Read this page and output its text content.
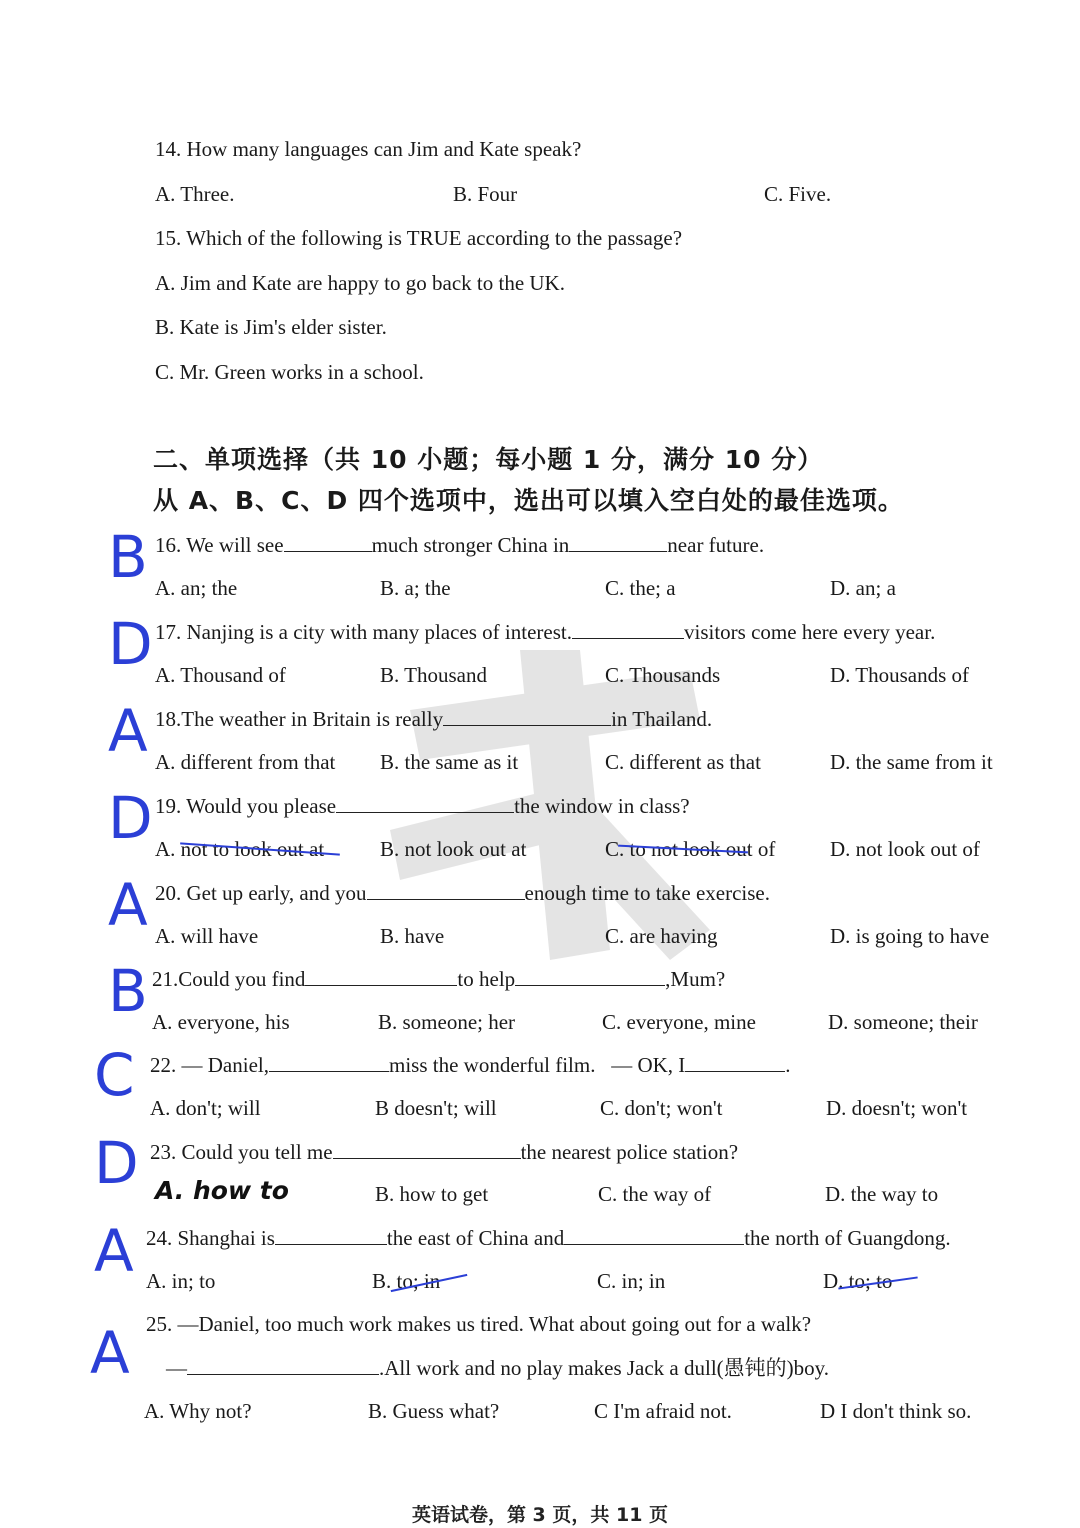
14. How many languages can Jim and Kate speak?
A. Three.	B. Four	C. Five.
15. Which of the following is TRUE according to the passage?
A. Jim and Kate are happy to go back to the UK.
B. Kate is Jim's elder sister.
C. Mr. Green works in a school.
二、单项选择（共 10 小题；每小题 1 分，满分 10 分）
从 A、B、C、D 四个选项中，选出可以填入空白处的最佳选项。
B 16. We will see	much stronger China in	near future.
A. an; the	B. a; the	C. the; a	D. an; a
D 17. Nanjing is a city with many places of interest.	visitors come here every year.
A. Thousand of	B. Thousand	C. Thousands	D. Thousands of
A 18.The weather in Britain is really	in Thailand.
A. different from that B. the same as it	C. different as that	D. the same from it
D 19. Would you please	the window in class?
A. not to look out at	B. not look out at	C. to not look out of	D. not look out of
A 20. Get up early, and you	enough time to take exercise.
A. will have	B. have	C. are having	D. is going to have
B 21.Could you find	to help	,Mum?
A. everyone, his	B. someone; her	C. everyone, mine	D. someone; their
C 22. — Daniel,	miss the wonderful film. — OK, I	.
A. don't; will	B doesn't; will	C. don't; won't	D. doesn't; won't
D 23. Could you tell me	the nearest police station?
A. how to	B. how to get	C. the way of	D. the way to
A 24. Shanghai is	the east of China and	the north of Guangdong.
A. in; to	B. to; in	C. in; in	D. to; to
A 25. —Daniel, too much work makes us tired. What about going out for a walk?
—	.All work and no play makes Jack a dull(愚钝的)boy.
A. Why not?	B. Guess what?	C I'm afraid not.	D I don't think so.
英语试卷，第 3 页，共 11 页
